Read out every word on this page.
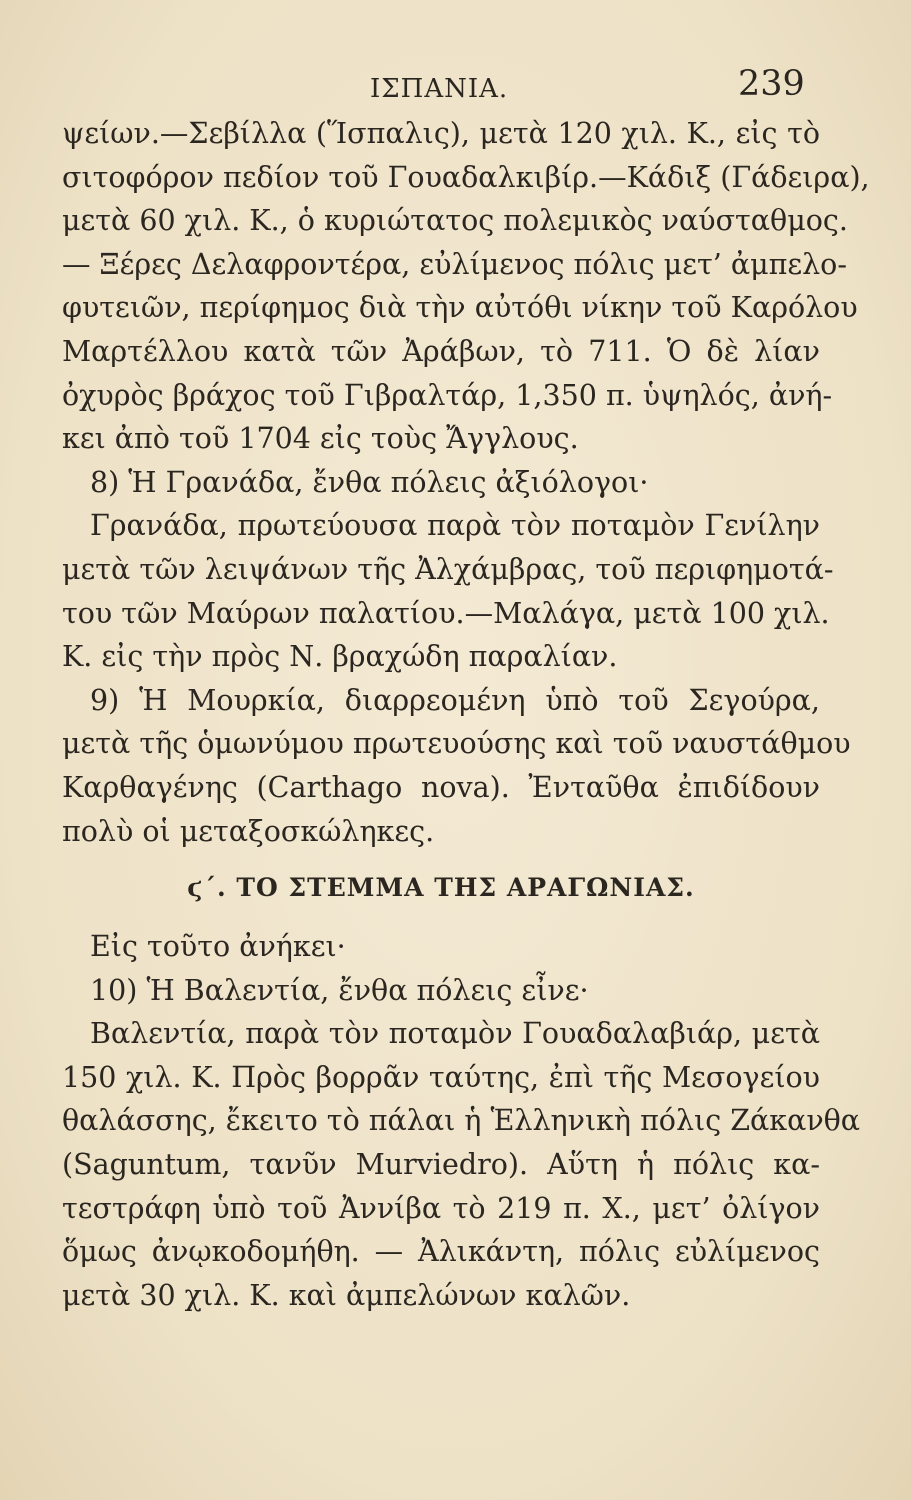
ΙΣΠΑΝΙΑ.	239
ψείων.—Σεβίλλα (Ἵσπαλις), μετὰ 120 χιλ. Κ., εἰς τὸ
σιτοφόρον πεδίον τοῦ Γουαδαλκιβίρ.—Κάδιξ (Γάδειρα),
μετὰ 60 χιλ. Κ., ὁ κυριώτατος πολεμικὸς ναύσταθμος.
— Ξέρες Δελαφροντέρα, εὐλίμενος πόλις μετ’ ἀμπελο-
φυτειῶν, περίφημος διὰ τὴν αὐτόθι νίκην τοῦ Καρόλου
Μαρτέλλου κατὰ τῶν Ἀράβων, τὸ 711. Ὁ δὲ λίαν
ὀχυρὸς βράχος τοῦ Γιβραλτάρ, 1,350 π. ὑψηλός, ἀνή-
κει ἀπὸ τοῦ 1704 εἰς τοὺς Ἄγγλους.
8) Ἡ Γρανάδα, ἔνθα πόλεις ἀξιόλογοι·
Γρανάδα, πρωτεύουσα παρὰ τὸν ποταμὸν Γενίλην
μετὰ τῶν λειψάνων τῆς Ἀλχάμβρας, τοῦ περιφημοτά-
του τῶν Μαύρων παλατίου.—Μαλάγα, μετὰ 100 χιλ.
Κ. εἰς τὴν πρὸς Ν. βραχώδη παραλίαν.
9) Ἡ Μουρκία, διαρρεομένη ὑπὸ τοῦ Σεγούρα,
μετὰ τῆς ὁμωνύμου πρωτευούσης καὶ τοῦ ναυστάθμου
Καρθαγένης (Carthago nova). Ἐνταῦθα ἐπιδίδουν
πολὺ οἱ μεταξοσκώληκες.
ϛ΄. ΤΟ ΣΤΕΜΜΑ ΤΗΣ ΑΡΑΓΩΝΙΑΣ.
Εἰς τοῦτο ἀνήκει·
10) Ἡ Βαλεντία, ἔνθα πόλεις εἶνε·
Βαλεντία, παρὰ τὸν ποταμὸν Γουαδαλαβιάρ, μετὰ
150 χιλ. Κ. Πρὸς βορρᾶν ταύτης, ἐπὶ τῆς Μεσογείου
θαλάσσης, ἔκειτο τὸ πάλαι ἡ Ἑλληνικὴ πόλις Ζάκανθα
(Saguntum, τανῦν Murviedro). Αὕτη ἡ πόλις κα-
τεστράφη ὑπὸ τοῦ Ἀννίβα τὸ 219 π. Χ., μετ’ ὀλίγον
ὅμως ἀνῳκοδομήθη. — Ἀλικάντη, πόλις εὐλίμενος
μετὰ 30 χιλ. Κ. καὶ ἀμπελώνων καλῶν.
